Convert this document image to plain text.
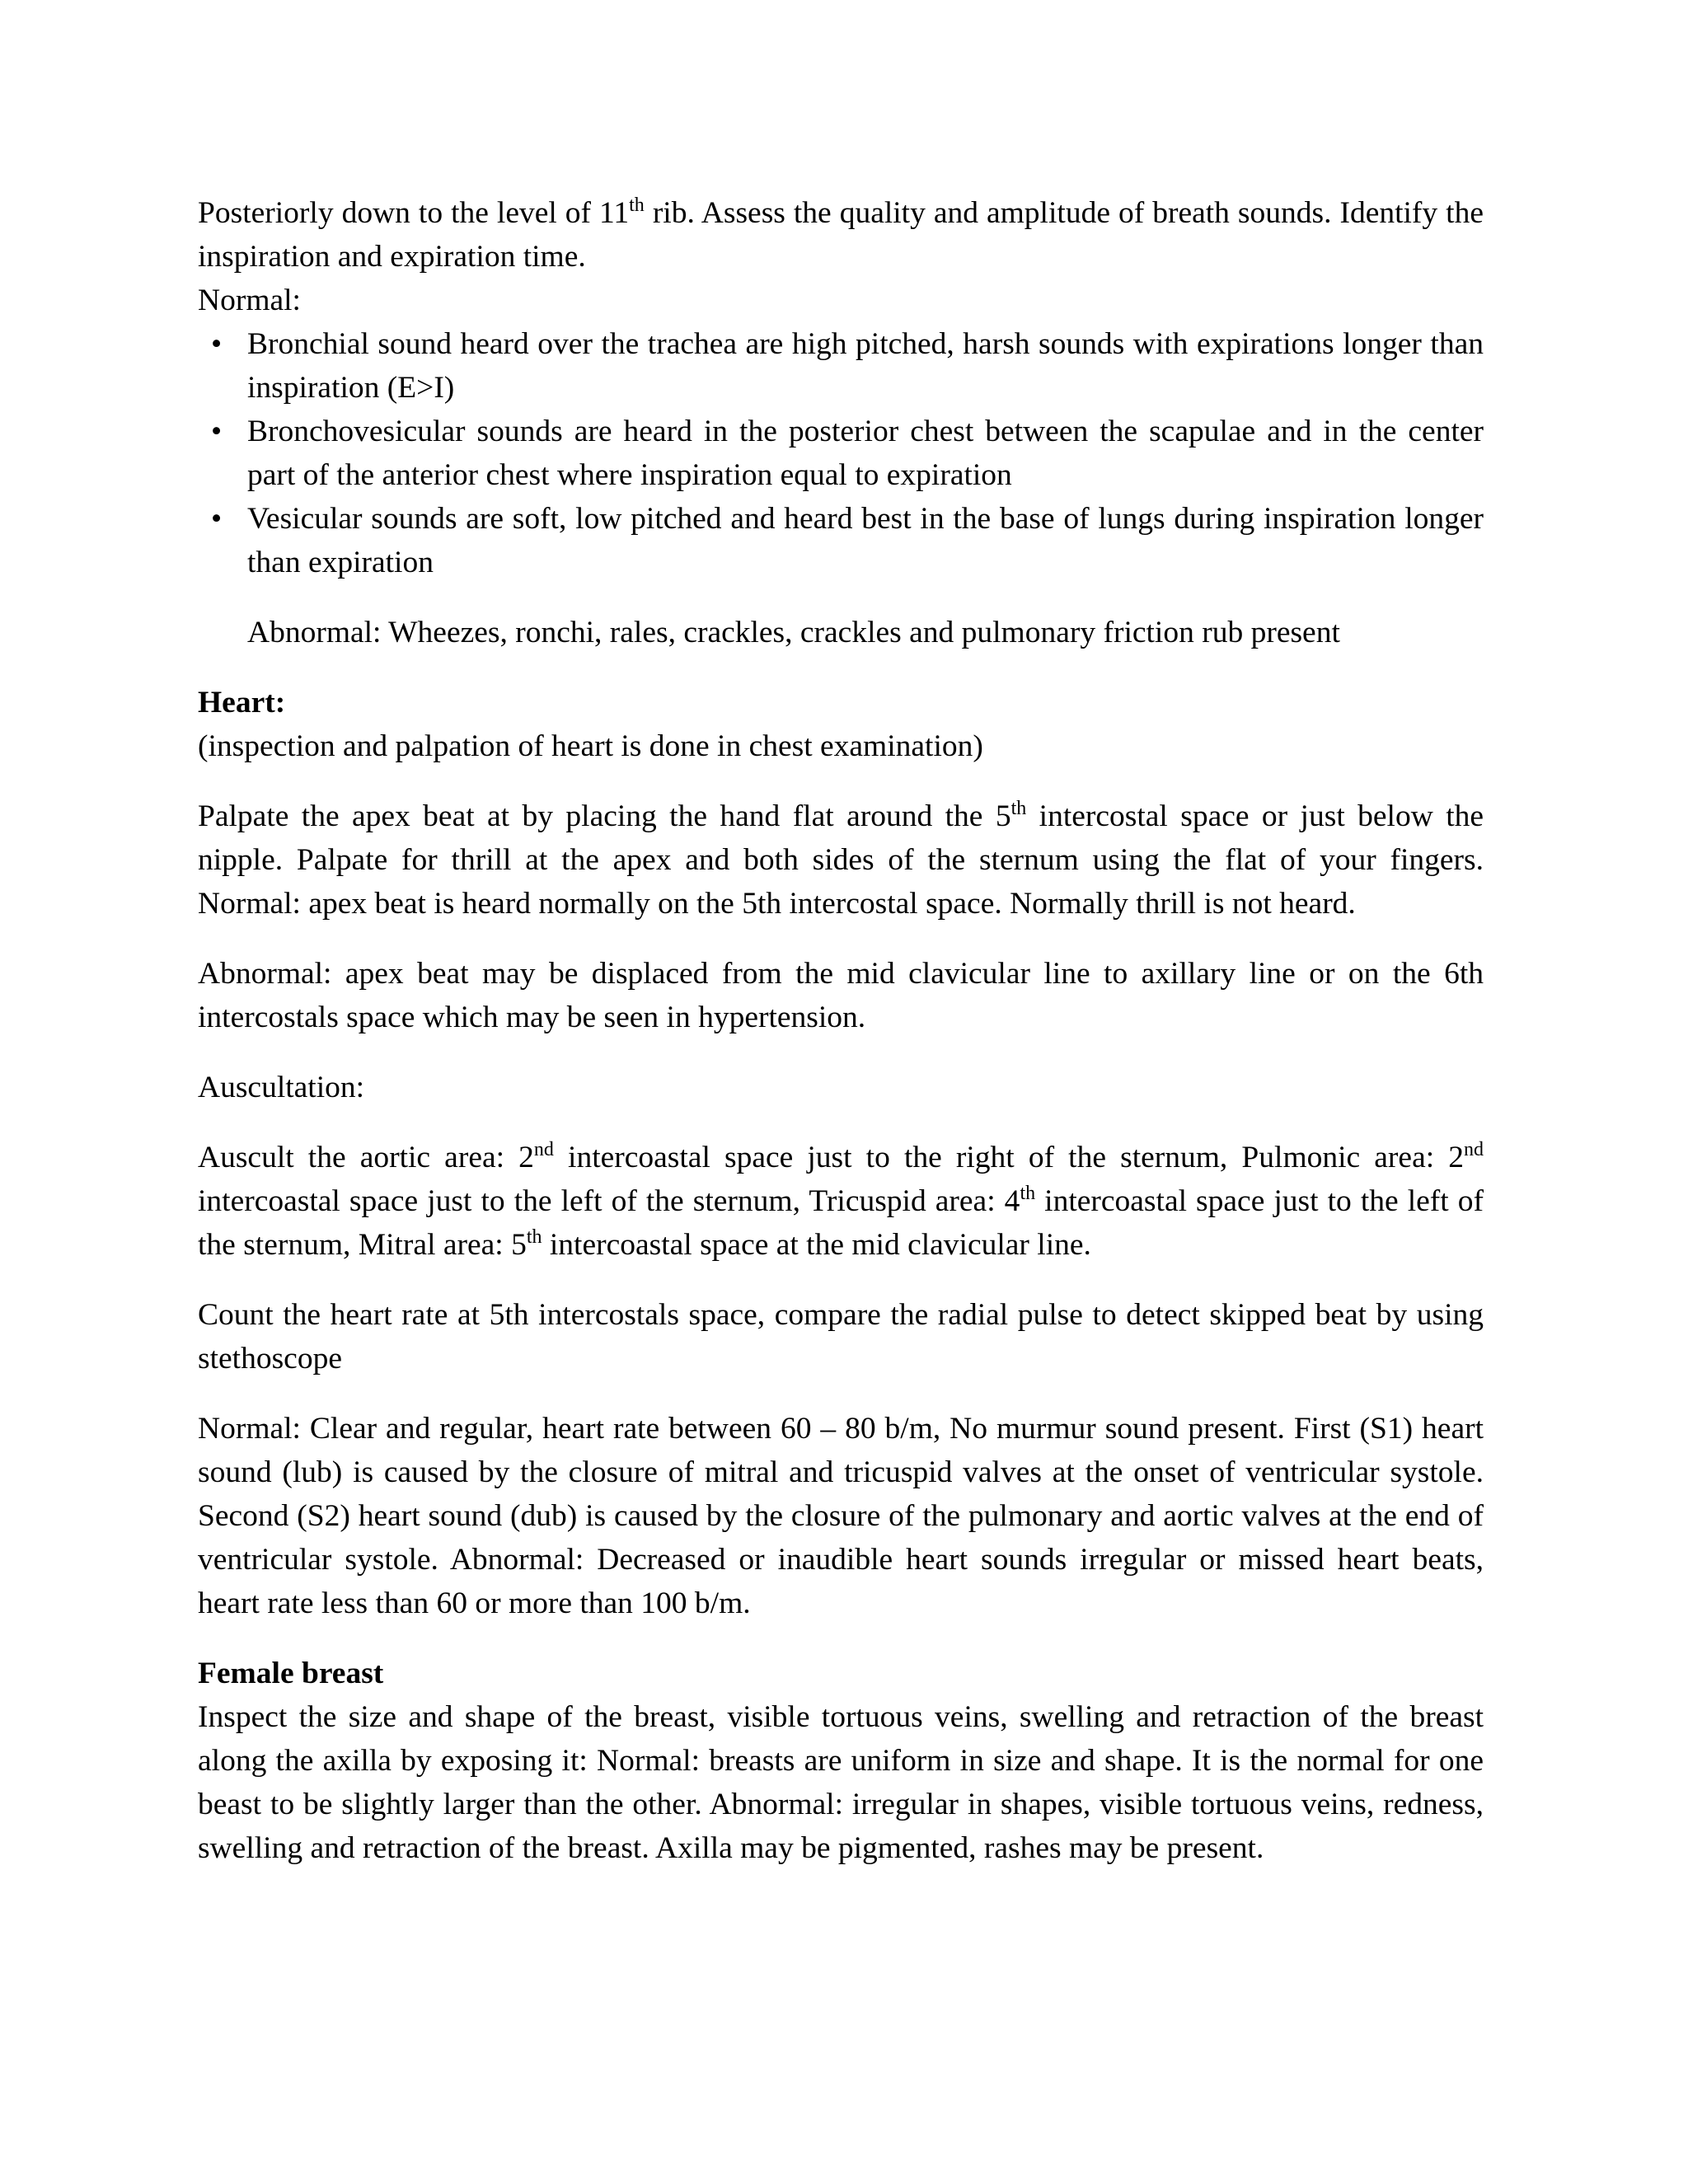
Posteriorly down to the level of 11th rib. Assess the quality and amplitude of breath sounds. Identify the inspiration and expiration time.

Normal:

• Bronchial sound heard over the trachea are high pitched, harsh sounds with expirations longer than inspiration (E>I)
• Bronchovesicular sounds are heard in the posterior chest between the scapulae and in the center part of the anterior chest where inspiration equal to expiration
• Vesicular sounds are soft, low pitched and heard best in the base of lungs during inspiration longer than expiration

Abnormal: Wheezes, ronchi, rales, crackles, crackles and pulmonary friction rub present

Heart:

(inspection and palpation of heart is done in chest examination)

Palpate the apex beat at by placing the hand flat around the 5th intercostal space or just below the nipple. Palpate for thrill at the apex and both sides of the sternum using the flat of your fingers. Normal: apex beat is heard normally on the 5th intercostal space. Normally thrill is not heard.

Abnormal: apex beat may be displaced from the mid clavicular line to axillary line or on the 6th intercostals space which may be seen in hypertension.

Auscultation:

Auscult the aortic area: 2nd intercoastal space just to the right of the sternum, Pulmonic area: 2nd intercoastal space just to the left of the sternum, Tricuspid area: 4th intercoastal space just to the left of the sternum, Mitral area: 5th intercoastal space at the mid clavicular line.

Count the heart rate at 5th intercostals space, compare the radial pulse to detect skipped beat by using stethoscope

Normal: Clear and regular, heart rate between 60 – 80 b/m, No murmur sound present. First (S1) heart sound (lub) is caused by the closure of mitral and tricuspid valves at the onset of ventricular systole. Second (S2) heart sound (dub) is caused by the closure of the pulmonary and aortic valves at the end of ventricular systole. Abnormal: Decreased or inaudible heart sounds irregular or missed heart beats, heart rate less than 60 or more than 100 b/m.

Female breast

Inspect the size and shape of the breast, visible tortuous veins, swelling and retraction of the breast along the axilla by exposing it: Normal: breasts are uniform in size and shape. It is the normal for one beast to be slightly larger than the other. Abnormal: irregular in shapes, visible tortuous veins, redness, swelling and retraction of the breast. Axilla may be pigmented, rashes may be present.
